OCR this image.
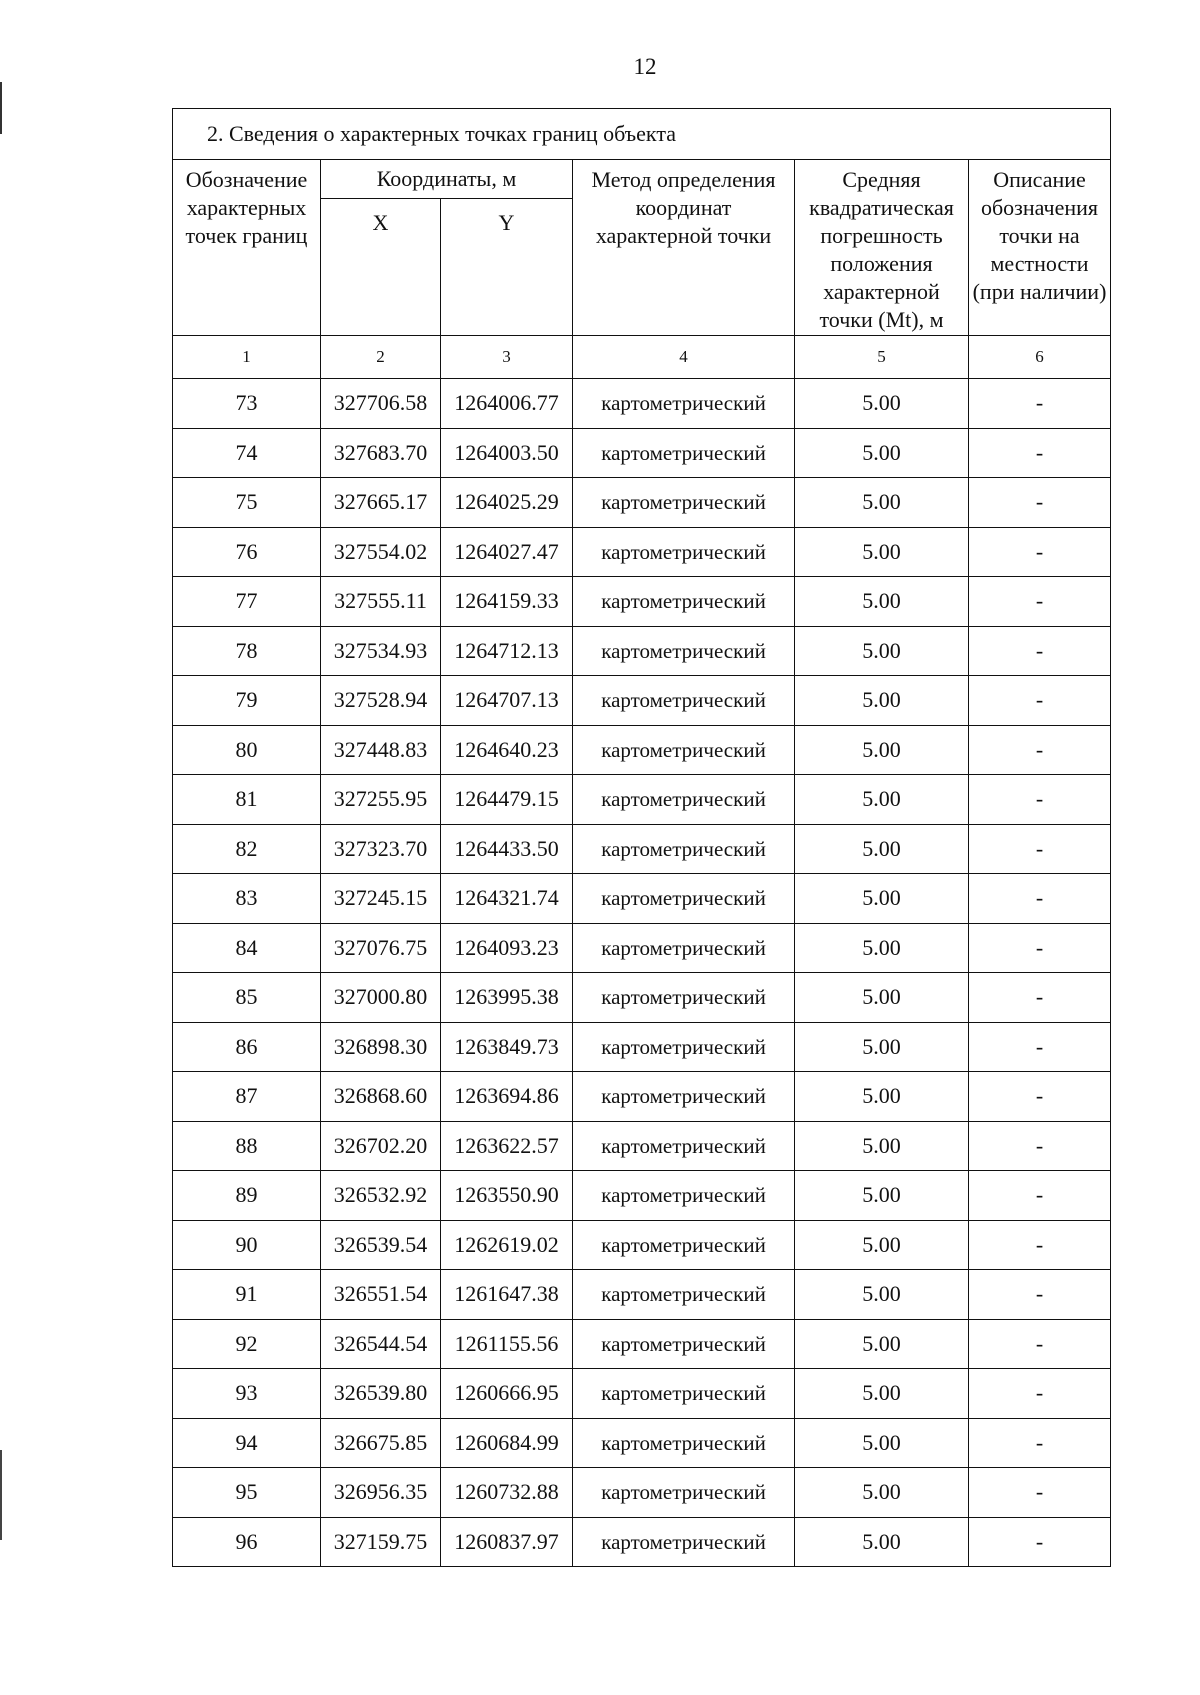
12
2. Сведения о характерных точках границ объекта					
Обозначение характерных точек границ	Координаты, м		Метод определения координат характерной точки	Средняя квадратическая погрешность положения характерной точки (Mt), м	Описание обозначения точки на местности (при наличии)
	X	Y			
1	2	3	4	5	6
73	327706.58	1264006.77	картометрический	5.00	-
74	327683.70	1264003.50	картометрический	5.00	-
75	327665.17	1264025.29	картометрический	5.00	-
76	327554.02	1264027.47	картометрический	5.00	-
77	327555.11	1264159.33	картометрический	5.00	-
78	327534.93	1264712.13	картометрический	5.00	-
79	327528.94	1264707.13	картометрический	5.00	-
80	327448.83	1264640.23	картометрический	5.00	-
81	327255.95	1264479.15	картометрический	5.00	-
82	327323.70	1264433.50	картометрический	5.00	-
83	327245.15	1264321.74	картометрический	5.00	-
84	327076.75	1264093.23	картометрический	5.00	-
85	327000.80	1263995.38	картометрический	5.00	-
86	326898.30	1263849.73	картометрический	5.00	-
87	326868.60	1263694.86	картометрический	5.00	-
88	326702.20	1263622.57	картометрический	5.00	-
89	326532.92	1263550.90	картометрический	5.00	-
90	326539.54	1262619.02	картометрический	5.00	-
91	326551.54	1261647.38	картометрический	5.00	-
92	326544.54	1261155.56	картометрический	5.00	-
93	326539.80	1260666.95	картометрический	5.00	-
94	326675.85	1260684.99	картометрический	5.00	-
95	326956.35	1260732.88	картометрический	5.00	-
96	327159.75	1260837.97	картометрический	5.00	-
